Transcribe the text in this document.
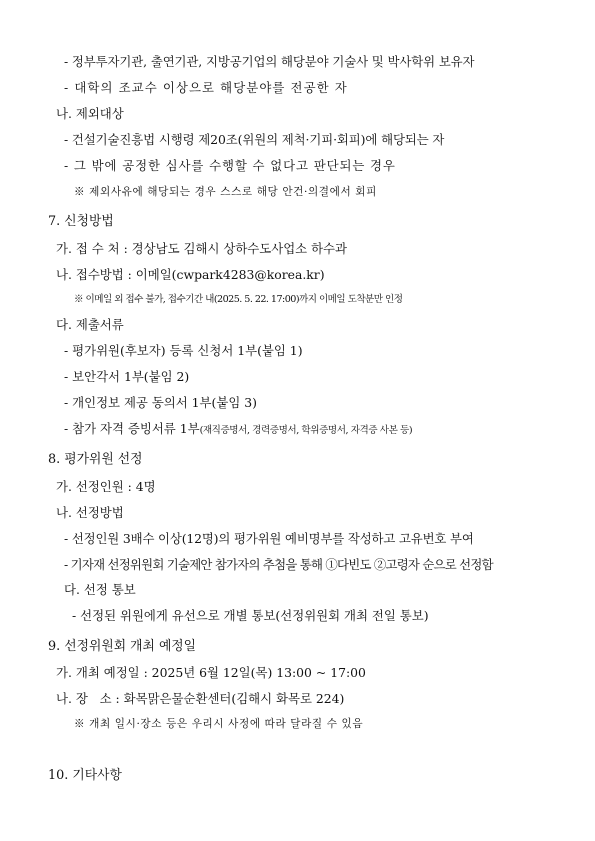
- 정부투자기관, 출연기관, 지방공기업의 해당분야 기술사 및 박사학위 보유자
- 대학의 조교수 이상으로 해당분야를 전공한 자
나. 제외대상
- 건설기술진흥법 시행령 제20조(위원의 제척·기피·회피)에 해당되는 자
- 그 밖에 공정한 심사를 수행할 수 없다고 판단되는 경우
※ 제외사유에 해당되는 경우 스스로 해당 안건·의결에서 회피
7. 신청방법
가. 접 수 처 : 경상남도 김해시 상하수도사업소 하수과
나. 접수방법 : 이메일(cwpark4283@korea.kr)
※ 이메일 외 접수 불가, 접수기간 내(2025. 5. 22. 17:00)까지 이메일 도착분만 인정
다. 제출서류
- 평가위원(후보자) 등록 신청서 1부(붙임 1)
- 보안각서 1부(붙임 2)
- 개인정보 제공 동의서 1부(붙임 3)
- 참가 자격 증빙서류 1부(재직증명서, 경력증명서, 학위증명서, 자격증 사본 등)
8. 평가위원 선정
가. 선정인원 : 4명
나. 선정방법
- 선정인원 3배수 이상(12명)의 평가위원 예비명부를 작성하고 고유번호 부여
- 기자재 선정위원회 기술제안 참가자의 추첨을 통해 ①다빈도 ②고령자 순으로 선정함
다. 선정 통보
- 선정된 위원에게 유선으로 개별 통보(선정위원회 개최 전일 통보)
9. 선정위원회 개최 예정일
가. 개최 예정일 : 2025년 6월 12일(목) 13:00 ~ 17:00
나. 장   소 : 화목맑은물순환센터(김해시 화목로 224)
※ 개최 일시·장소 등은 우리시 사정에 따라 달라질 수 있음
10. 기타사항
